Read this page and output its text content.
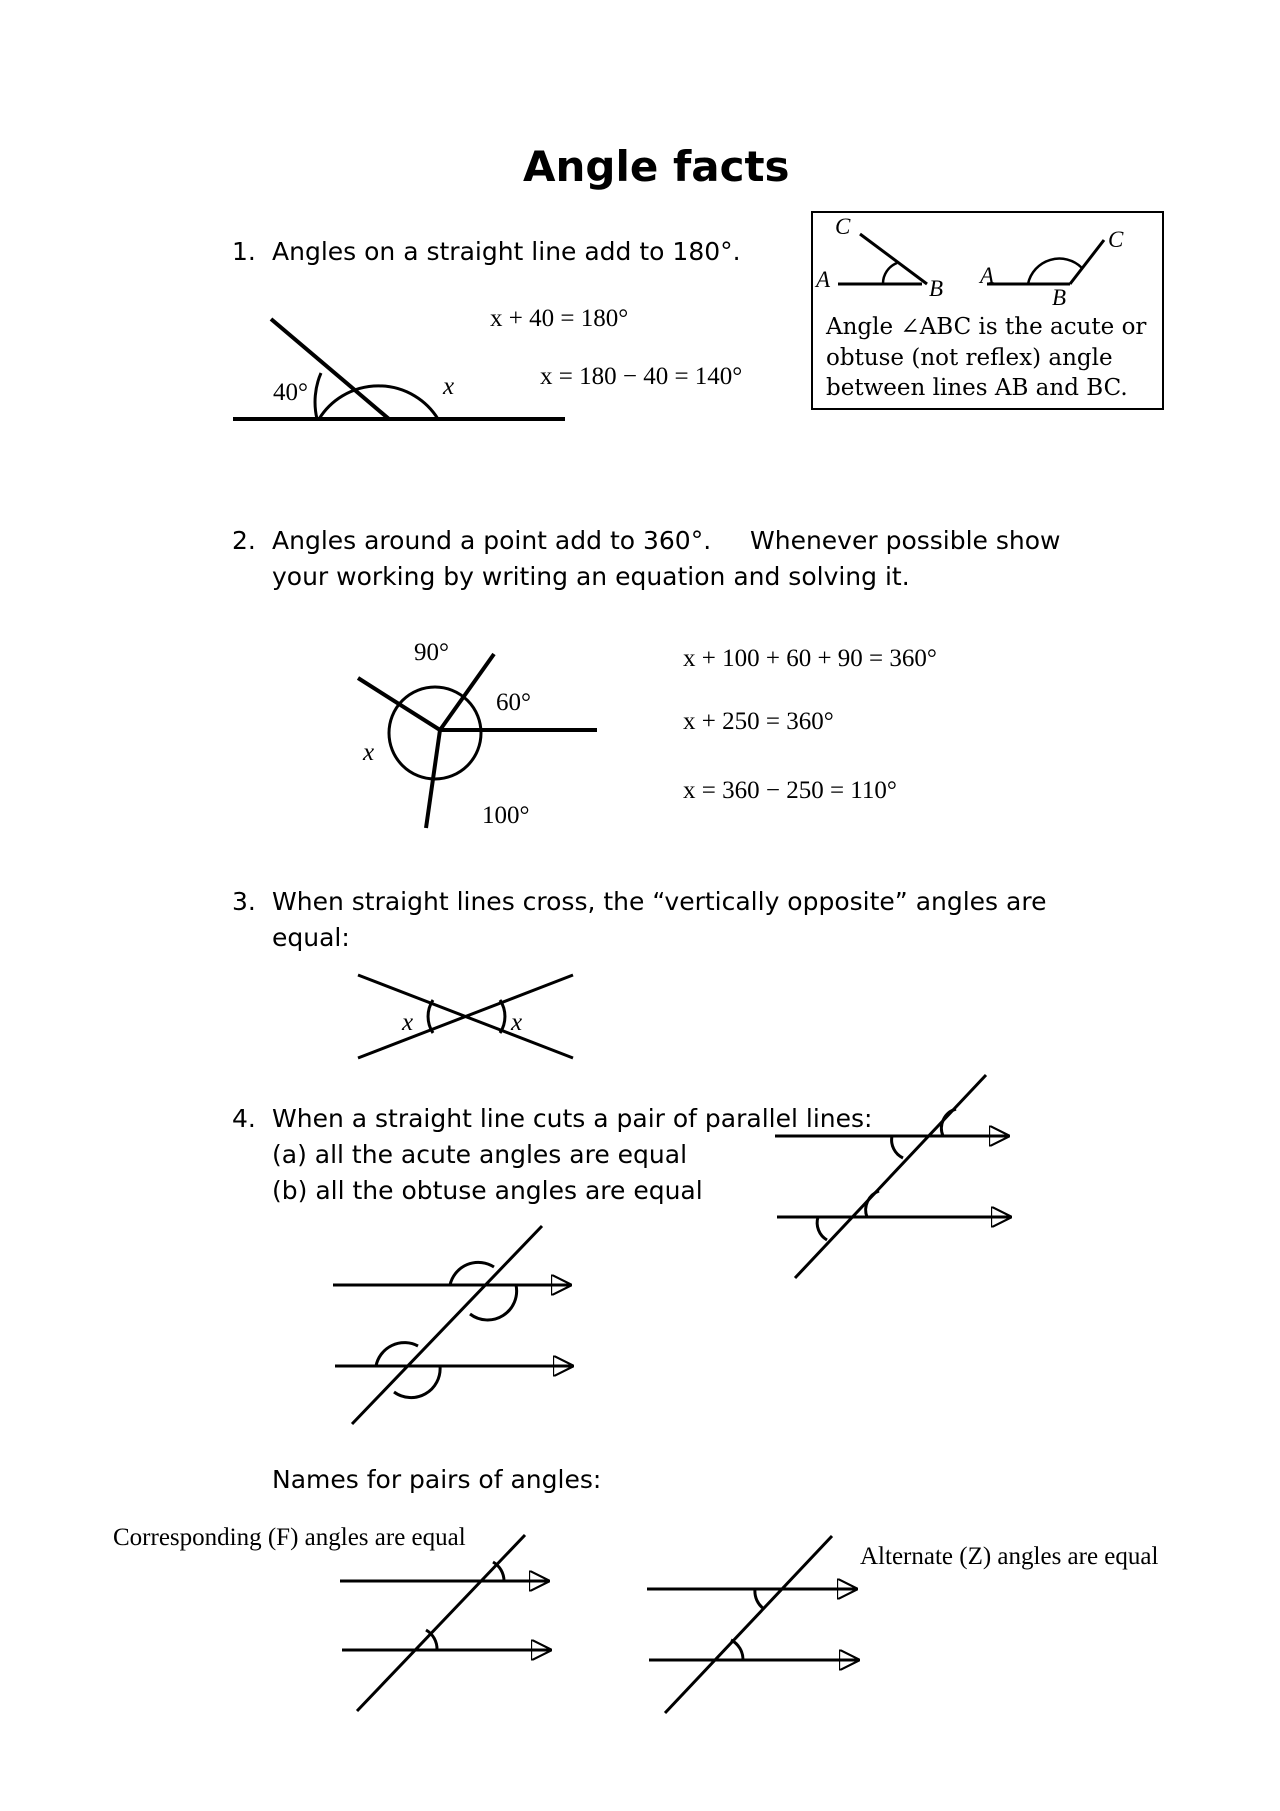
Angle facts
1. Angles on a straight line add to 180°.
40°	x
x + 40 = 180°
x = 180 − 40 = 140°
C
A	B
C
A
B
Angle ∠ABC is the acute or
obtuse (not reflex) angle
between lines AB and BC.
2. Angles around a point add to 360°. Whenever possible show
your working by writing an equation and solving it.
90°
60°
100°
x
x + 100 + 60 + 90 = 360°
x + 250 = 360°
x = 360 − 250 = 110°
3. When straight lines cross, the “vertically opposite” angles are
equal:
x	x
4. When a straight line cuts a pair of parallel lines:
(a) all the acute angles are equal
(b) all the obtuse angles are equal
Names for pairs of angles:
Corresponding (F) angles are equal
Alternate (Z) angles are equal
